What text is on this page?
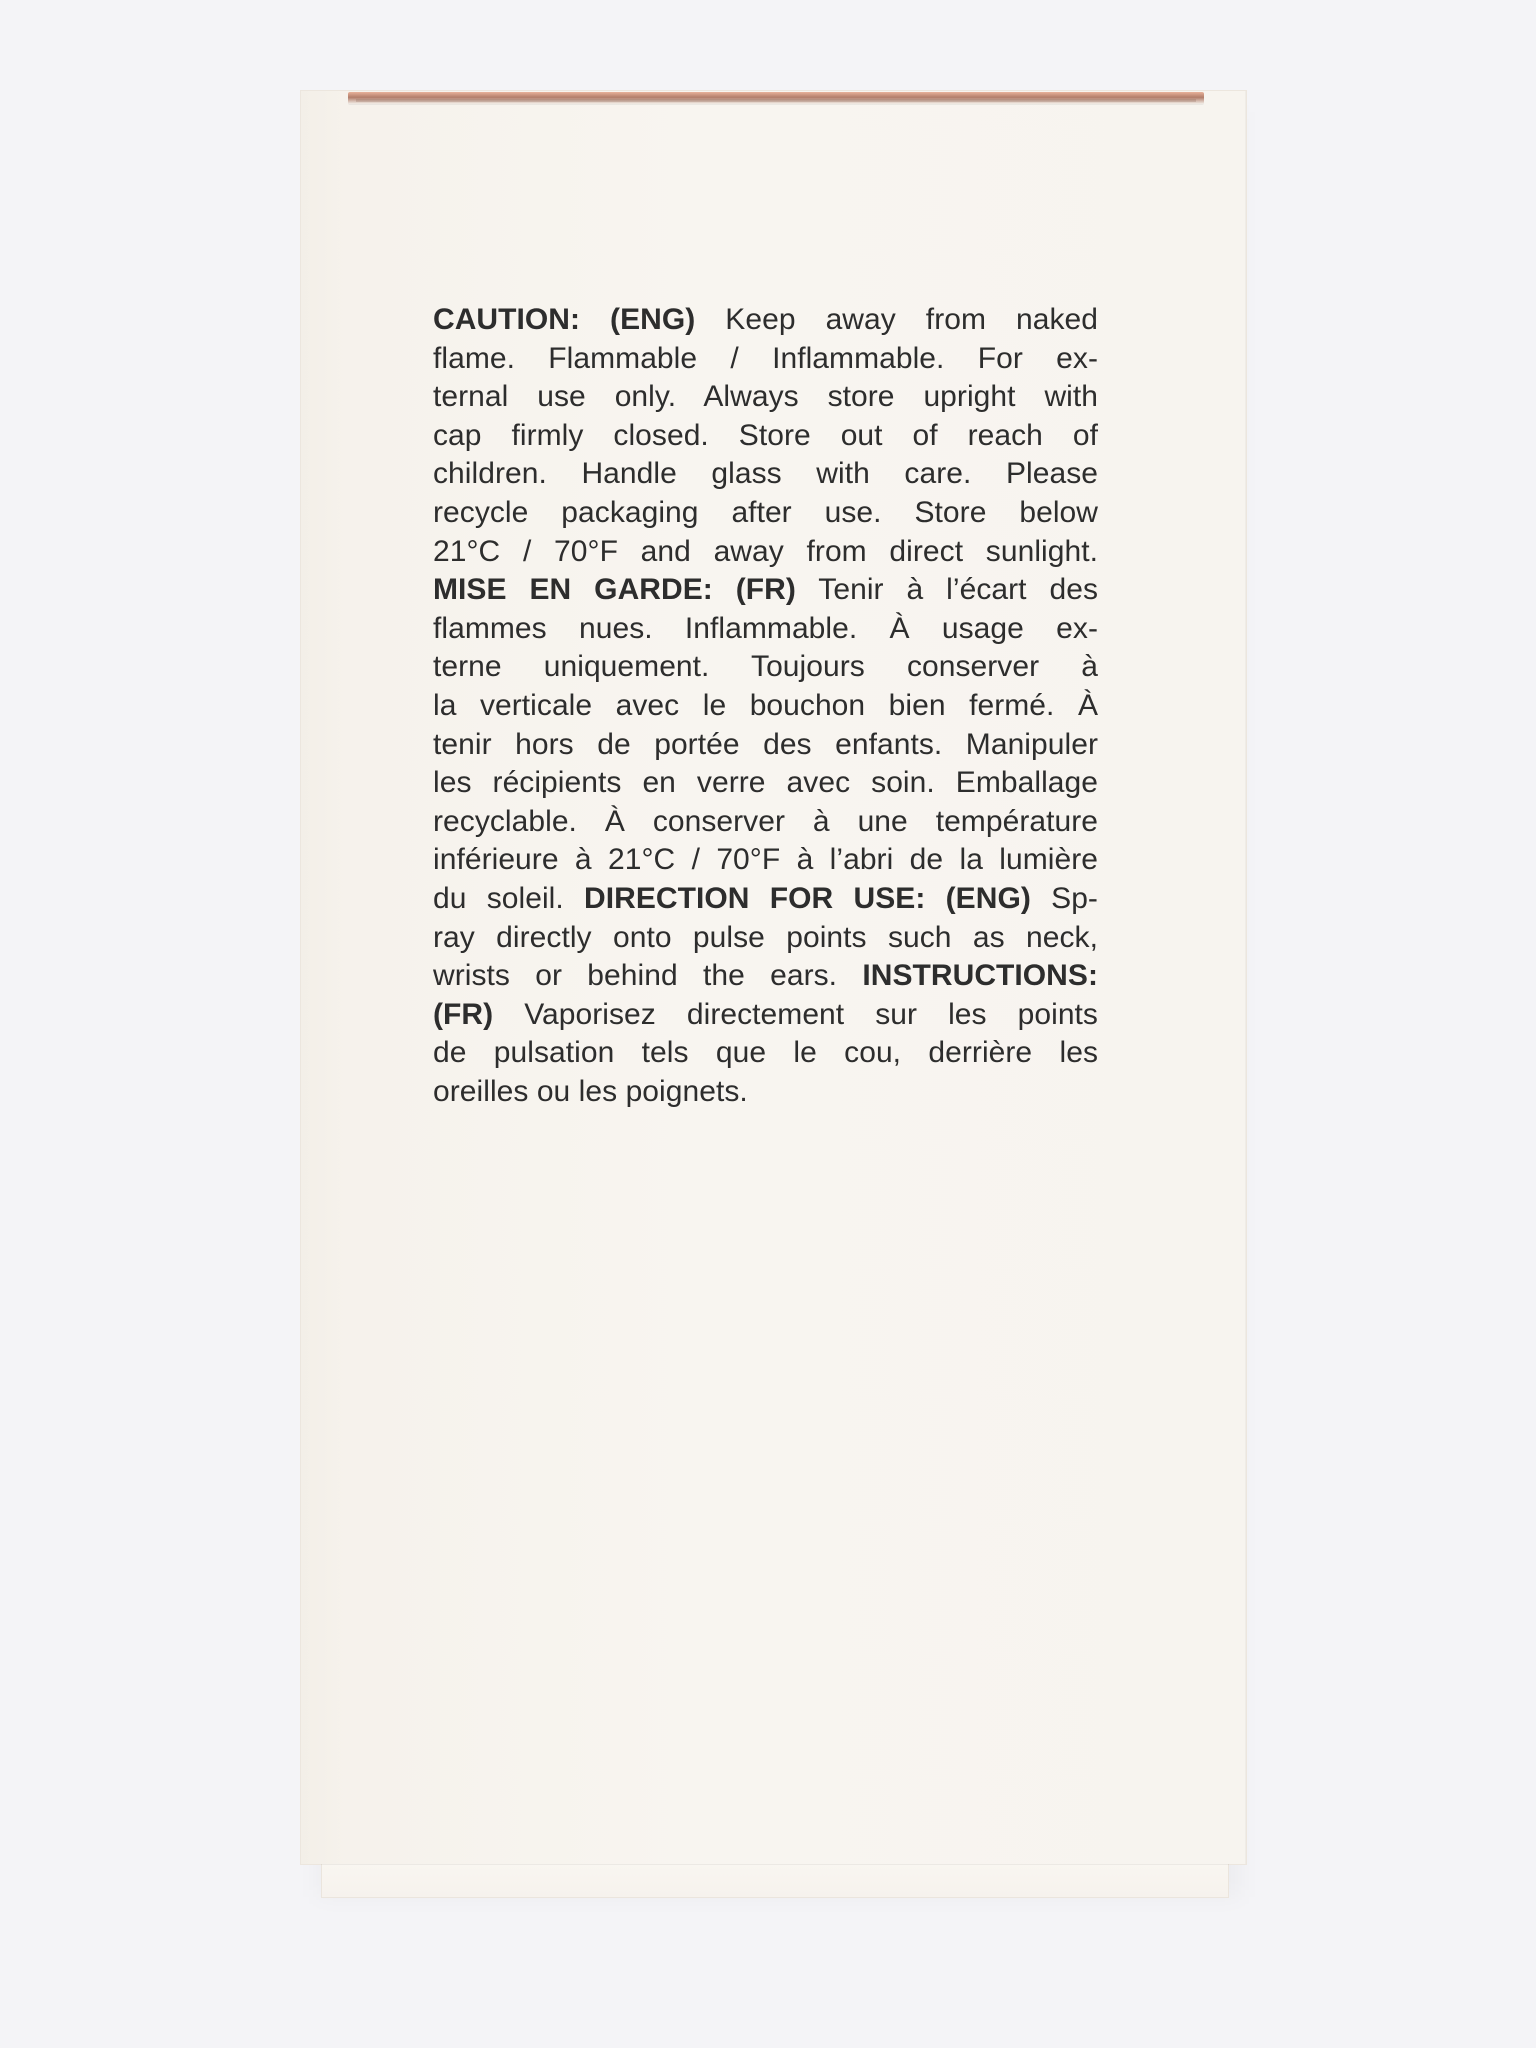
CAUTION: (ENG) Keep away from naked
flame. Flammable / Inflammable. For ex-
ternal use only. Always store upright with
cap firmly closed. Store out of reach of
children. Handle glass with care. Please
recycle packaging after use. Store below
21°C / 70°F and away from direct sunlight.
MISE EN GARDE: (FR) Tenir à l’écart des
flammes nues. Inflammable. À usage ex-
terne uniquement. Toujours conserver à
la verticale avec le bouchon bien fermé. À
tenir hors de portée des enfants. Manipuler
les récipients en verre avec soin. Emballage
recyclable. À conserver à une température
inférieure à 21°C / 70°F à l’abri de la lumière
du soleil. DIRECTION FOR USE: (ENG) Sp-
ray directly onto pulse points such as neck,
wrists or behind the ears. INSTRUCTIONS:
(FR) Vaporisez directement sur les points
de pulsation tels que le cou, derrière les
oreilles ou les poignets.
